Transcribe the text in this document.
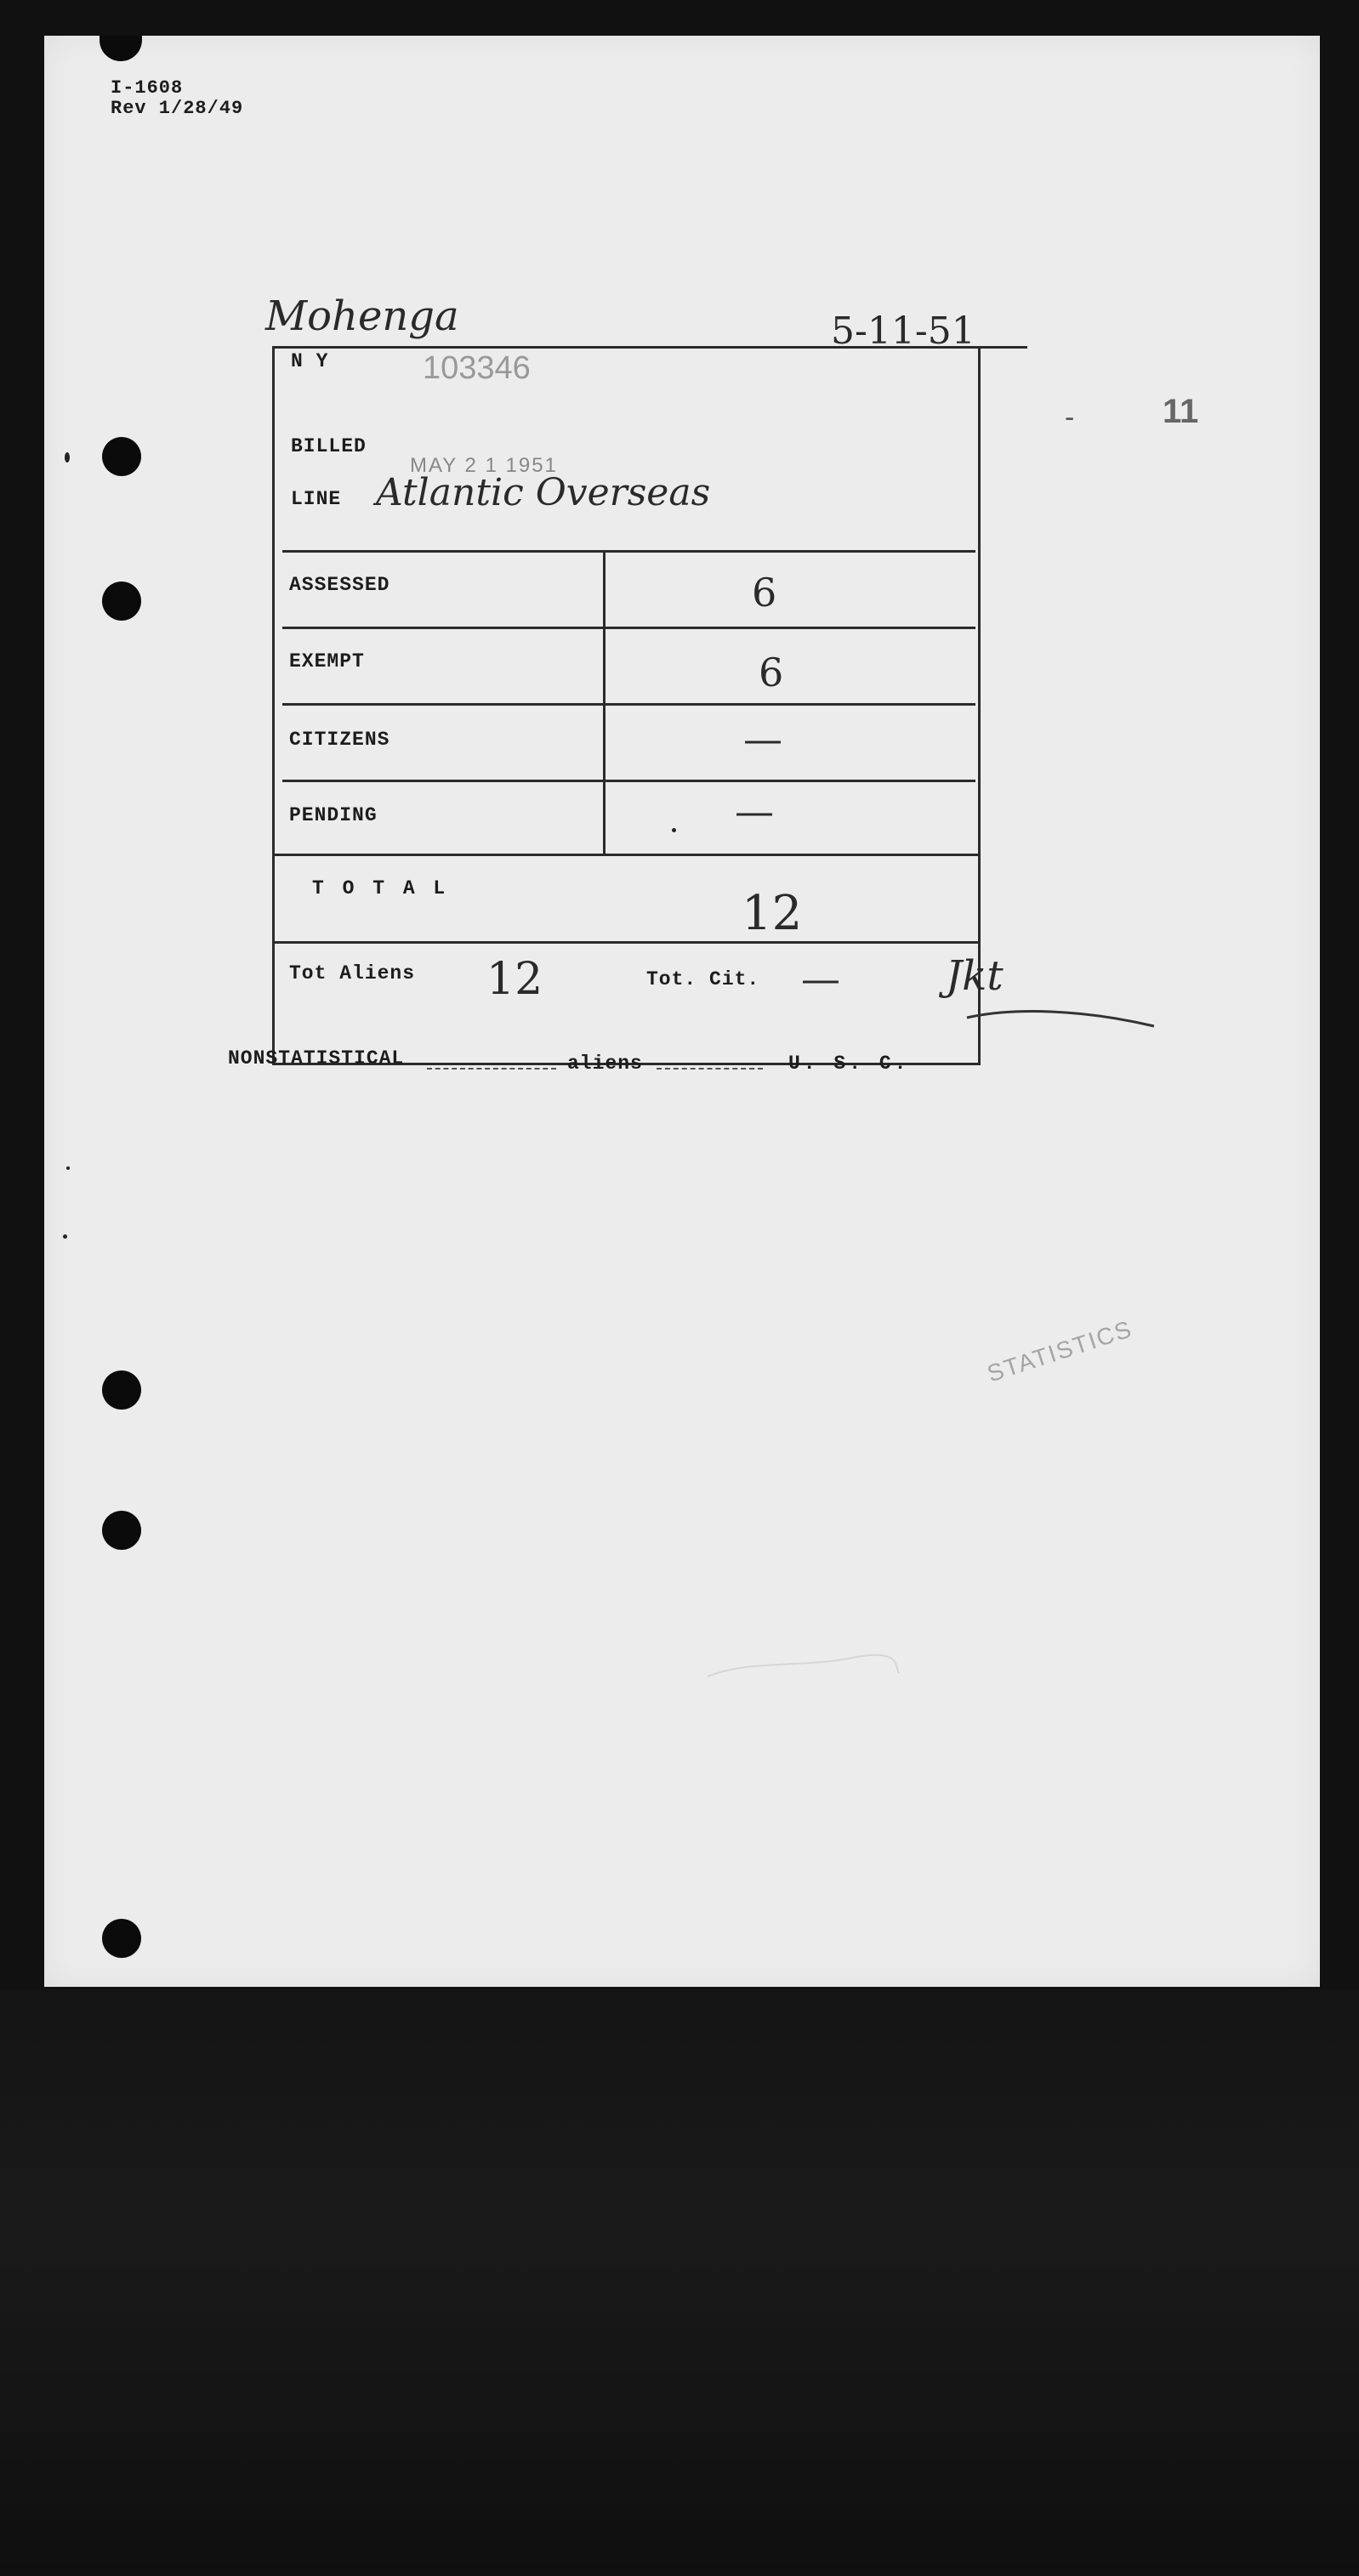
I-1608
Rev 1/28/49
Mohenga	5-11-51
-	11
N Y	103346
BILLED
MAY 2 1 1951
LINE Atlantic Overseas
ASSESSED	6
EXEMPT	6
CITIZENS	—
PENDING	—
T O T A L	12
Tot Aliens 12	Tot. Cit. —	Jkt
NONSTATISTICAL	aliens	U. S. C.
STATISTICS
